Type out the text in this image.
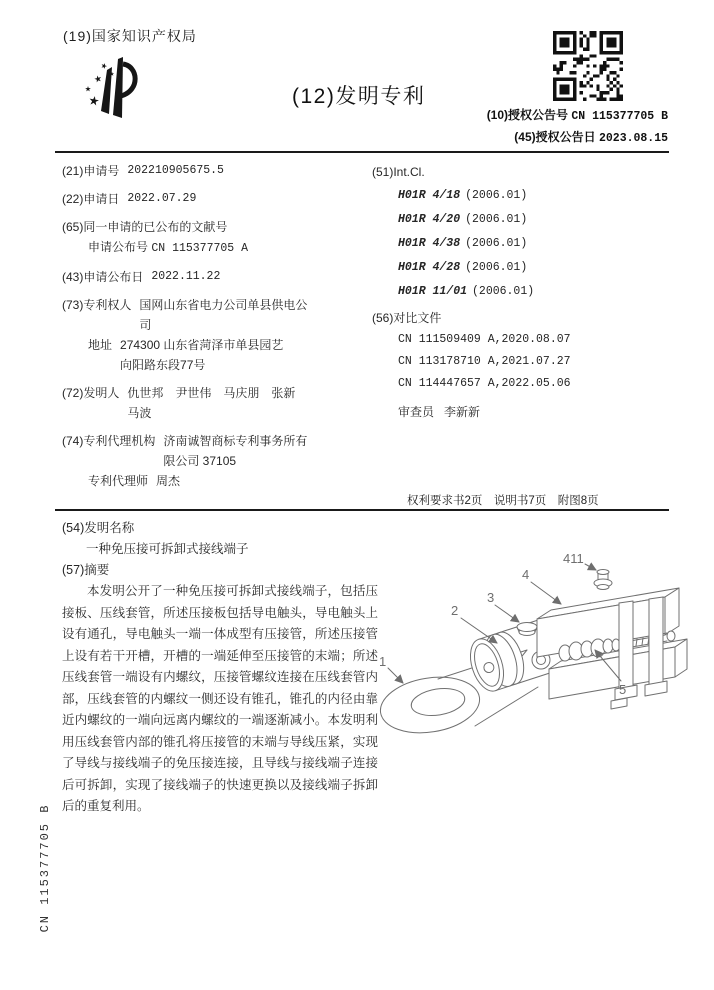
(19)国家知识产权局
(12)发明专利
(10)授权公告号 CN 115377705 B
(45)授权公告日 2023.08.15
(21)申请号 202210905675.5
(22)申请日 2022.07.29
(65)同一申请的已公布的文献号
申请公布号 CN 115377705 A
(43)申请公布日 2022.11.22
(73)专利权人 国网山东省电力公司单县供电公司
地址 274300 山东省菏泽市单县园艺向阳路东段77号
(72)发明人 仇世邦　尹世伟　马庆朋　张新　马波
(74)专利代理机构 济南诚智商标专利事务所有限公司 37105
专利代理师 周杰
(51)Int.Cl.
H01R 4/18 (2006.01)
H01R 4/20 (2006.01)
H01R 4/38 (2006.01)
H01R 4/28 (2006.01)
H01R 11/01 (2006.01)
(56)对比文件
CN 111509409 A,2020.08.07
CN 113178710 A,2021.07.27
CN 114447657 A,2022.05.06
审查员 李新新
权利要求书2页　说明书7页　附图8页
(54)发明名称
一种免压接可拆卸式接线端子
(57)摘要
本发明公开了一种免压接可拆卸式接线端子，包括压接板、压线套管，所述压接板包括导电触头，导电触头上设有通孔，导电触头一端一体成型有压接管，所述压接管上设有若干开槽，开槽的一端延伸至压接管的末端；所述压线套管一端设有内螺纹，压接管螺纹连接在压线套管内部，压线套管的内螺纹一侧还设有锥孔，锥孔的内径由靠近内螺纹的一端向远离内螺纹的一端逐渐减小。本发明利用压线套管内部的锥孔将压接管的末端与导线压紧，实现了导线与接线端子的免压接连接，且导线与接线端子连接后可拆卸，实现了接线端子的快速更换以及接线端子拆卸后的重复利用。
1
2
3
4
411
5
CN 115377705 B
